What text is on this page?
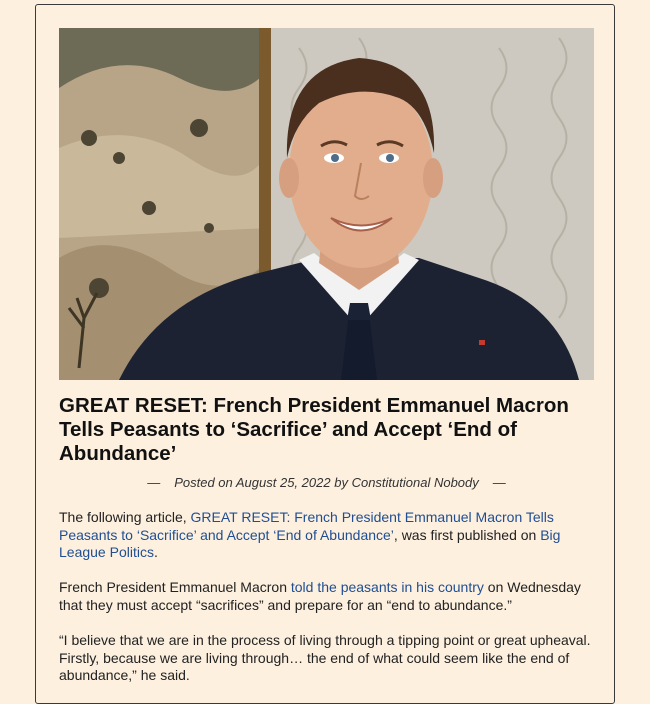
GREAT RESET: French President Emmanuel Macron Tells Peasants to ‘Sacrifice’ and Accept ‘End of Abundance’
— Posted on August 25, 2022 by Constitutional Nobody —

The following article, GREAT RESET: French President Emmanuel Macron Tells Peasants to ‘Sacrifice’ and Accept ‘End of Abundance’, was first published on Big League Politics.

French President Emmanuel Macron told the peasants in his country on Wednesday that they must accept “sacrifices” and prepare for an “end to abundance.”

“I believe that we are in the process of living through a tipping point or great upheaval. Firstly, because we are living through… the end of what could seem like the end of abundance,” he said.
